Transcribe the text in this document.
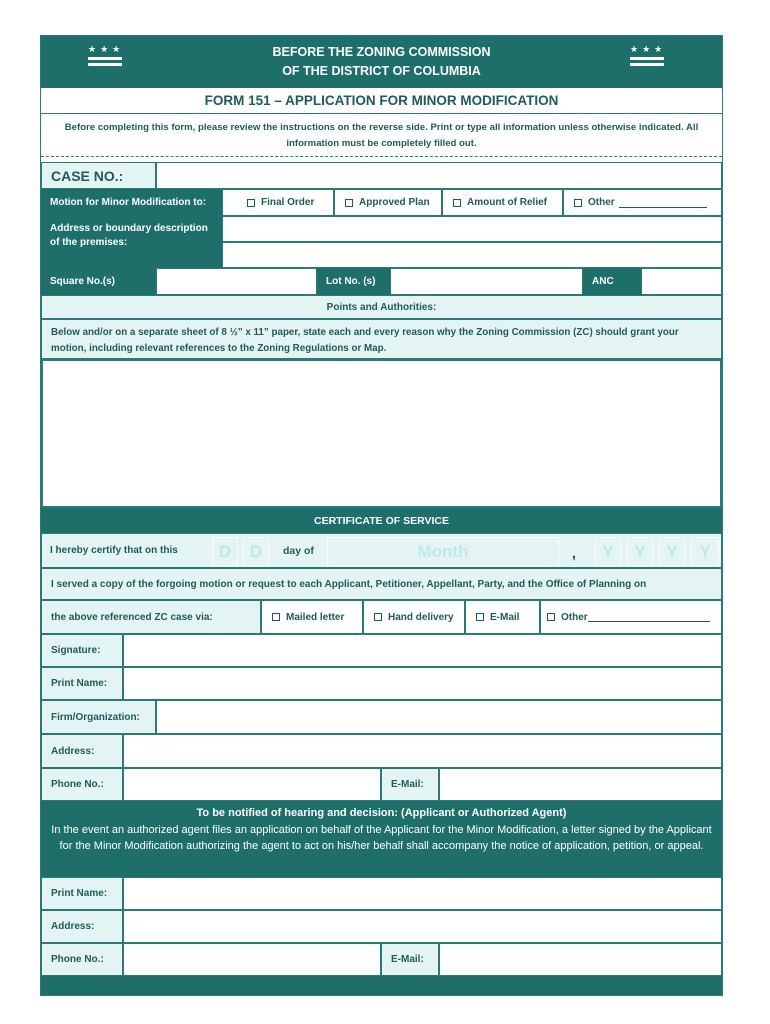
★★★	★★★
BEFORE THE ZONING COMMISSION
OF THE DISTRICT OF COLUMBIA
FORM 151 – APPLICATION FOR MINOR MODIFICATION
Before completing this form, please review the instructions on the reverse side. Print or type all information unless otherwise indicated. All information must be completely filled out.
CASE NO.:
Motion for Minor Modification to:	Final Order	Approved Plan	Amount of Relief	Other
Address or boundary description of the premises:
Square No.(s)	Lot No. (s)	ANC
Points and Authorities:
Below and/or on a separate sheet of 8 ½” x 11” paper, state each and every reason why the Zoning Commission (ZC) should grant your motion, including relevant references to the Zoning Regulations or Map.
CERTIFICATE OF SERVICE
I hereby certify that on this D D day of	Month	, Y Y Y Y
I served a copy of the forgoing motion or request to each Applicant, Petitioner, Appellant, Party, and the Office of Planning on
the above referenced ZC case via:	Mailed letter	Hand delivery	E-Mail	Other
Signature:
Print Name:
Firm/Organization:
Address:
Phone No.:	E-Mail:
To be notified of hearing and decision: (Applicant or Authorized Agent)
In the event an authorized agent files an application on behalf of the Applicant for the Minor Modification, a letter signed by the Applicant for the Minor Modification authorizing the agent to act on his/her behalf shall accompany the notice of application, petition, or appeal.
Print Name:
Address:
Phone No.:	E-Mail:
